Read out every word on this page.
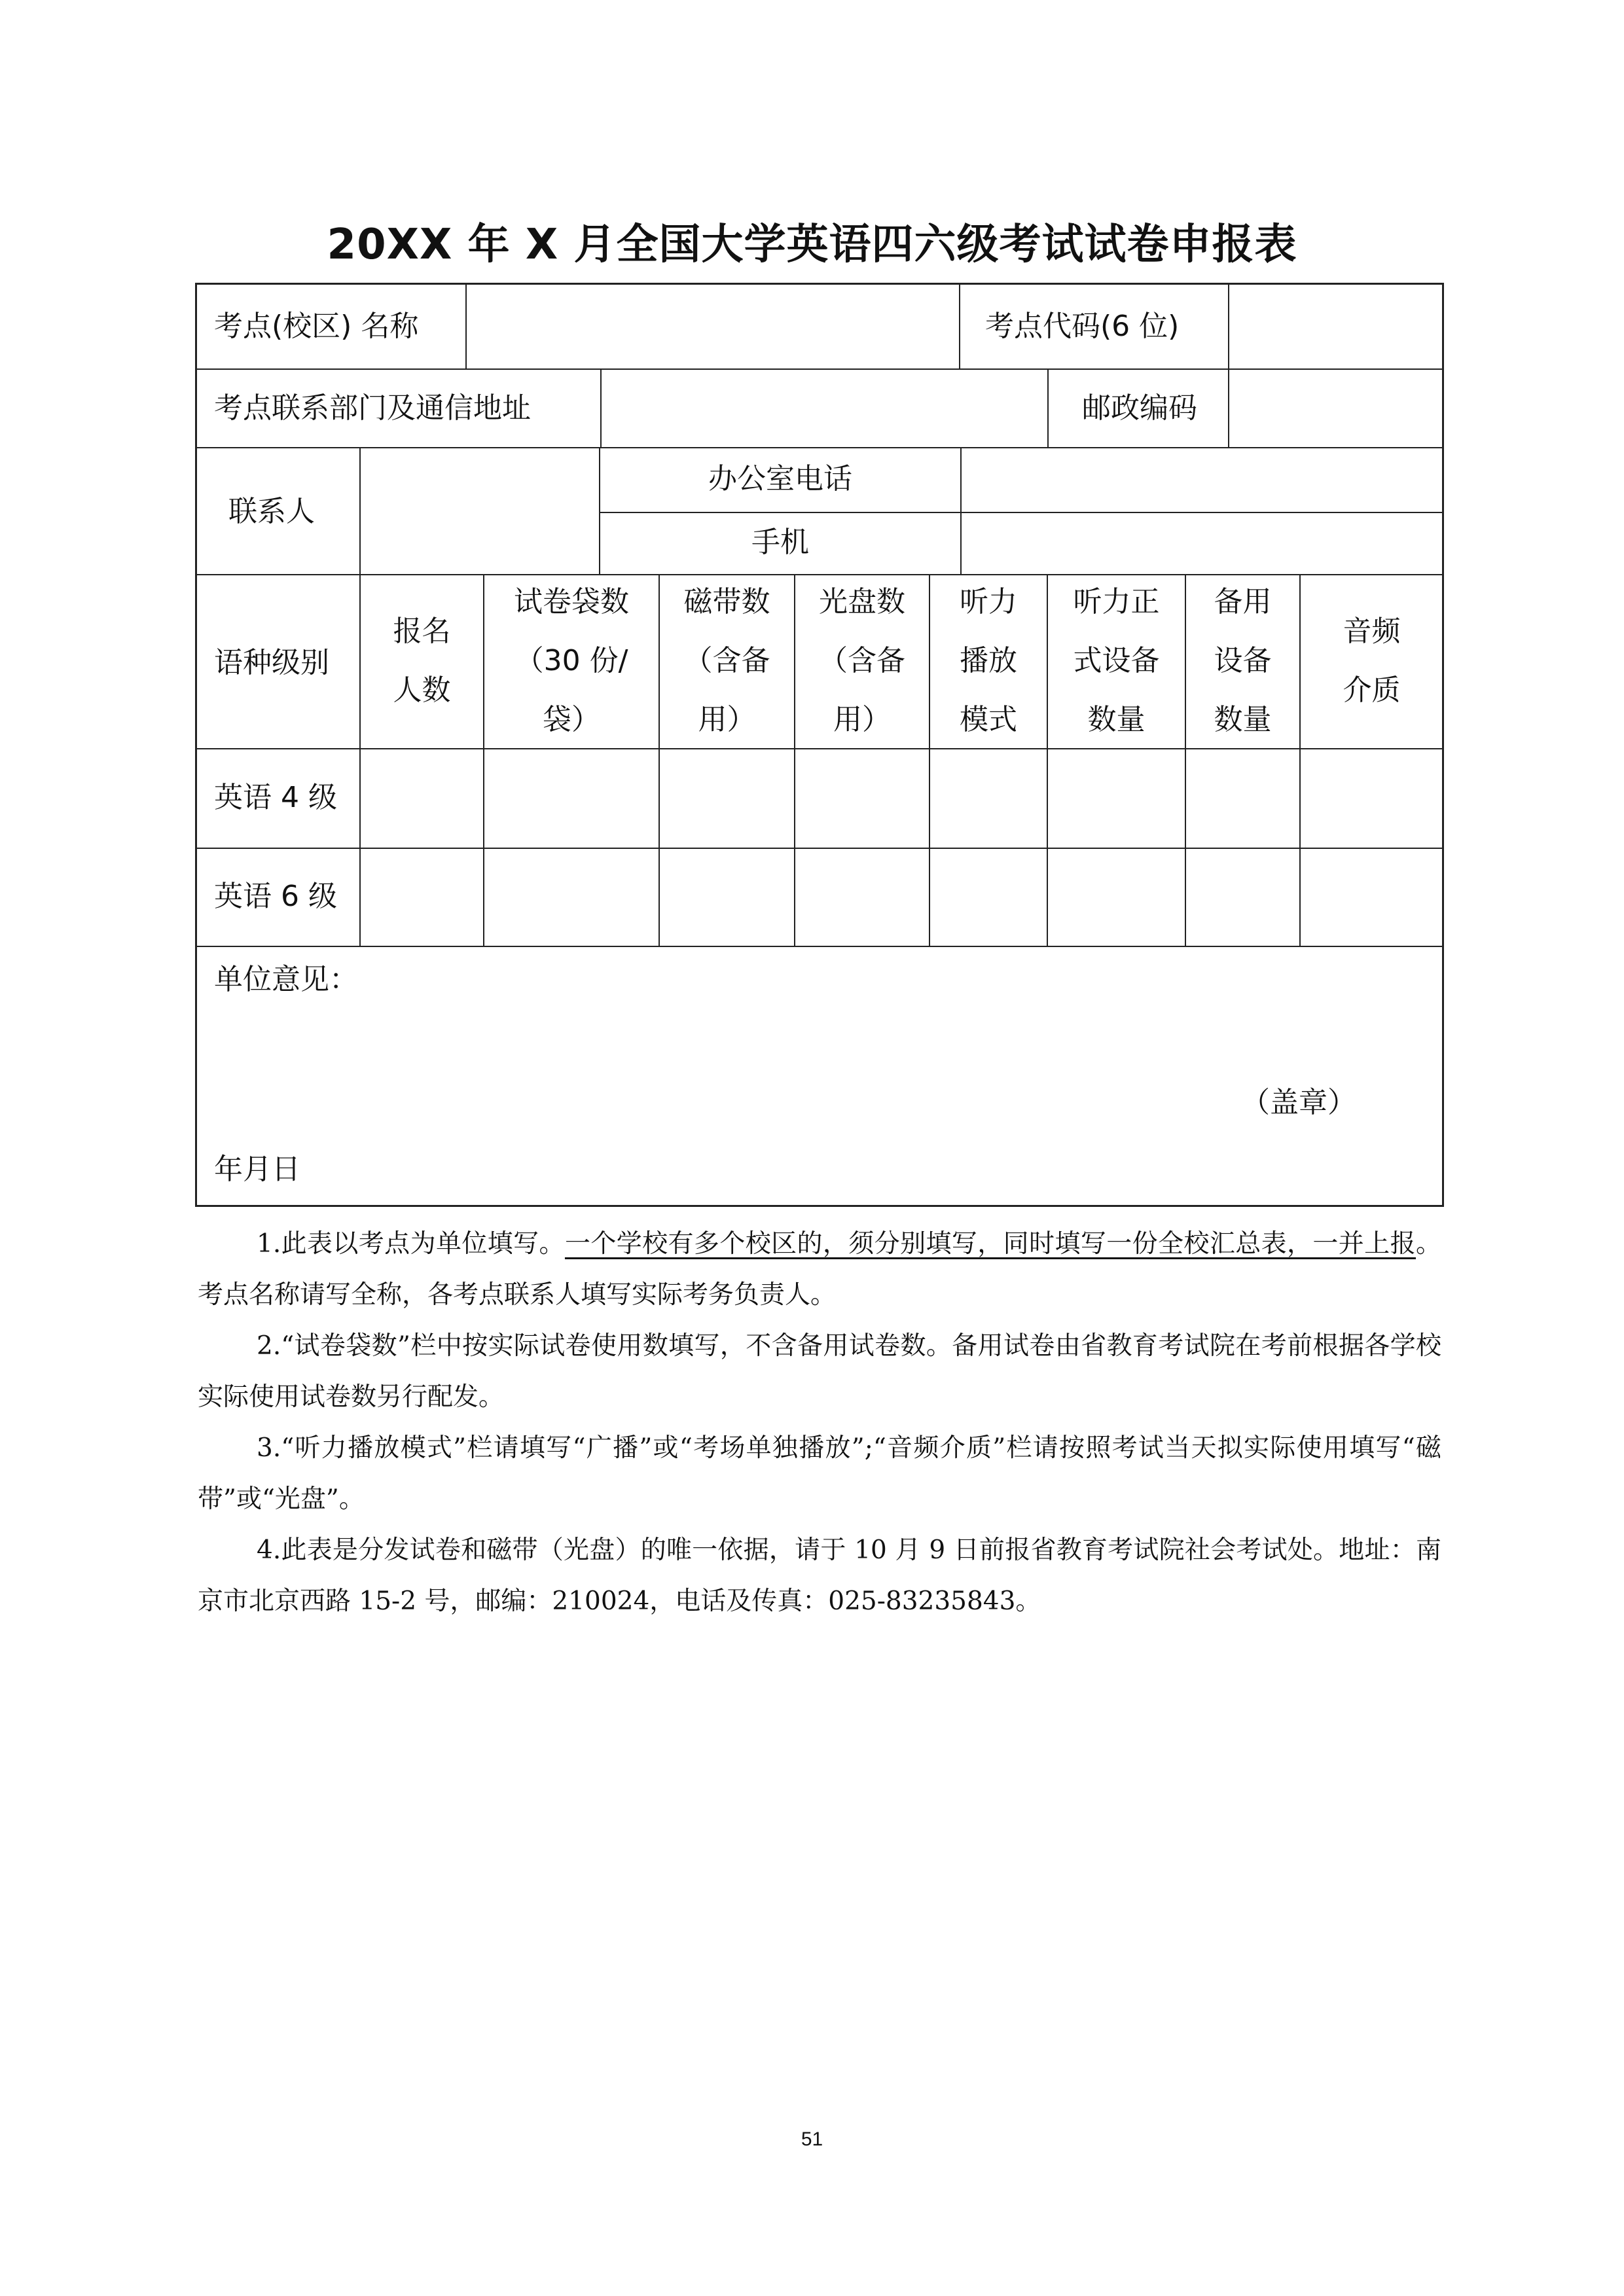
20XX 年 X 月全国大学英语四六级考试试卷申报表
考点(校区) 名称	考点代码(6 位)
考点联系部门及通信地址	邮政编码
联系人
办公室电话
手机
语种级别
报名
人数
试卷袋数
（30 份/
袋）
磁带数
（含备
用）
光盘数
（含备
用）
听力
播放
模式
听力正
式设备
数量
备用
设备
数量
音频
介质
英语 4 级
英语 6 级
单位意见：
（盖章）
年月日

1.此表以考点为单位填写。一个学校有多个校区的，须分别填写，同时填写一份全校汇总表，一并上报。考点名称请写全称，各考点联系人填写实际考务负责人。

2.“试卷袋数”栏中按实际试卷使用数填写，不含备用试卷数。备用试卷由省教育考试院在考前根据各学校实际使用试卷数另行配发。

3.“听力播放模式”栏请填写“广播”或“考场单独播放”;“音频介质”栏请按照考试当天拟实际使用填写“磁带”或“光盘”。

4.此表是分发试卷和磁带（光盘）的唯一依据，请于 10 月 9 日前报省教育考试院社会考试处。地址：南京市北京西路 15-2 号，邮编：210024，电话及传真：025-83235843。

51
